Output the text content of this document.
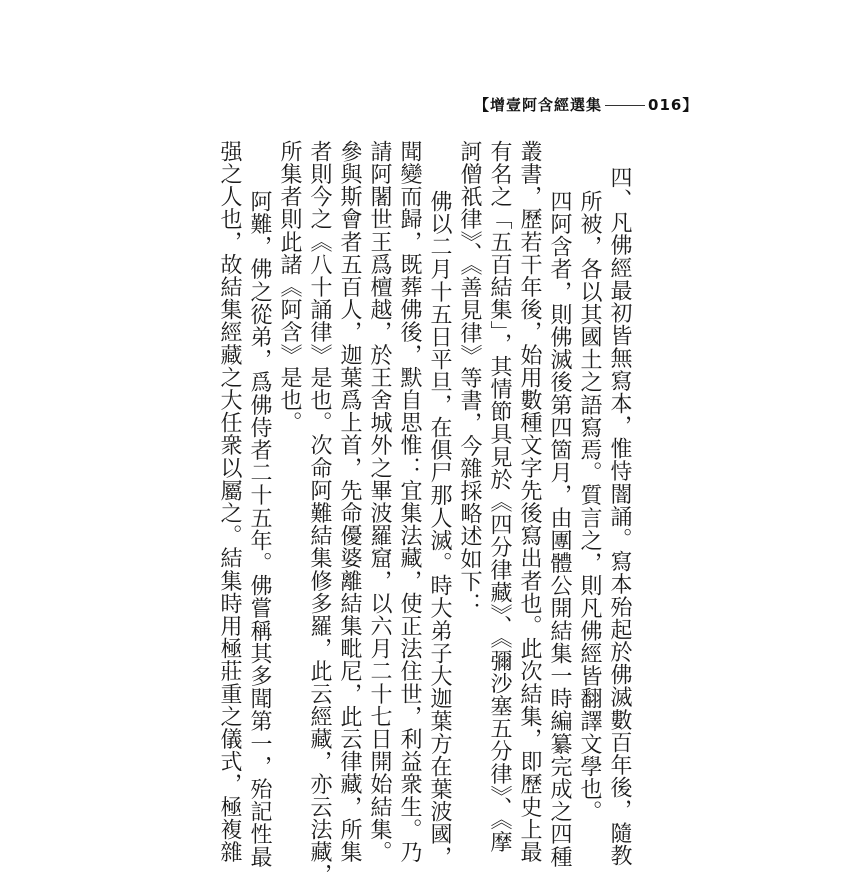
【增壹阿含經選集	016】
四、凡佛經最初皆無寫本，惟恃闇誦。寫本殆起於佛滅數百年後，隨教
所被，各以其國土之語寫焉。質言之，則凡佛經皆翻譯文學也。
四阿含者，則佛滅後第四箇月，由團體公開結集一時編纂完成之四種
叢書，歷若干年後，始用數種文字先後寫出者也。此次結集，即歷史上最
有名之「五百結集」，其情節具見於《四分律藏》、《彌沙塞五分律》、《摩
訶僧祇律》、《善見律》等書，今雜採略述如下：
佛以二月十五日平旦，在俱尸那人滅。時大弟子大迦葉方在葉波國，
聞變而歸，既葬佛後，默自思惟：宜集法藏，使正法住世，利益衆生。乃
請阿闍世王爲檀越，於王舍城外之畢波羅窟，以六月二十七日開始結集。
參與斯會者五百人，迦葉爲上首，先命優婆離結集毗尼，此云律藏，所集
者則今之《八十誦律》是也。次命阿難結集修多羅，此云經藏，亦云法藏，
所集者則此諸《阿含》是也。
阿難，佛之從弟，爲佛侍者二十五年。佛嘗稱其多聞第一，殆記性最
强之人也，故結集經藏之大任衆以屬之。結集時用極莊重之儀式，極複雜
